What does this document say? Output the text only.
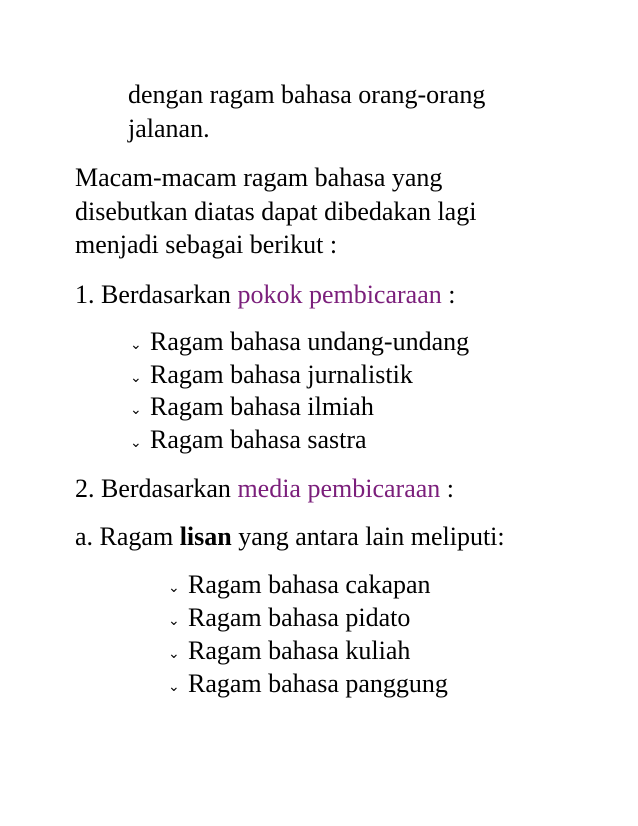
dengan ragam bahasa orang-orang

jalanan.

Macam-macam ragam bahasa yang

disebutkan diatas dapat dibedakan lagi

menjadi sebagai berikut :

1. Berdasarkan pokok pembicaraan :

⌄
Ragam bahasa undang-undang
⌄
Ragam bahasa jurnalistik
⌄
Ragam bahasa ilmiah
⌄
Ragam bahasa sastra

2. Berdasarkan media pembicaraan :

a. Ragam lisan yang antara lain meliputi:

⌄
Ragam bahasa cakapan
⌄
Ragam bahasa pidato
⌄
Ragam bahasa kuliah
⌄
Ragam bahasa panggung
